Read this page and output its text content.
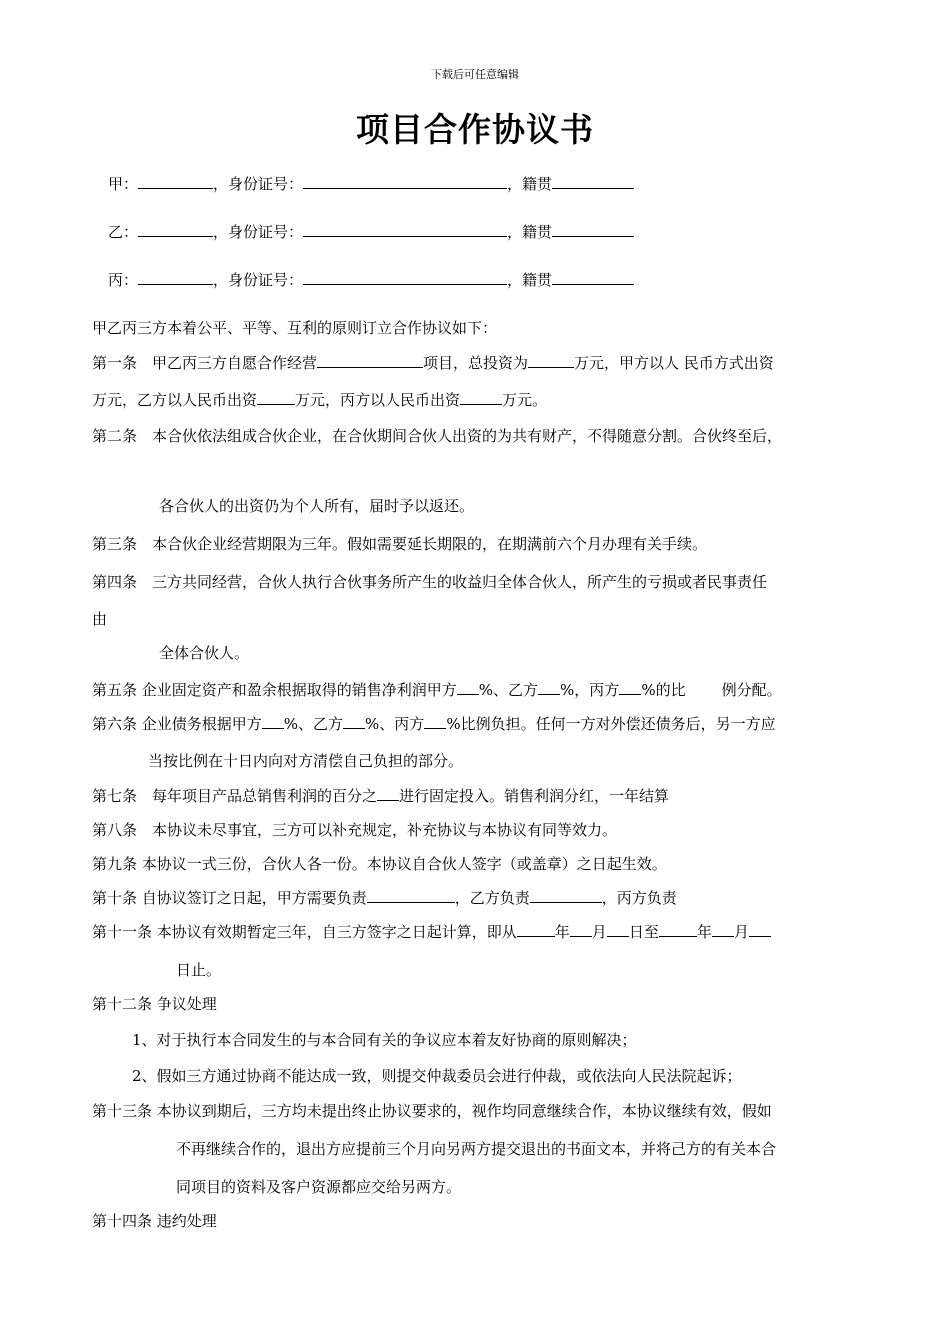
下载后可任意编辑
项目合作协议书
甲：	，身份证号：	，籍贯
乙：	，身份证号：	，籍贯
丙：	，身份证号：	，籍贯
甲乙丙三方本着公平、平等、互利的原则订立合作协议如下：
第一条　甲乙丙三方自愿合作经营	项目，总投资为	万元，甲方以人 民币方式出资
万元，乙方以人民币出资	万元，丙方以人民币出资	万元。
第二条　本合伙依法组成合伙企业，在合伙期间合伙人出资的为共有财产，不得随意分割。合伙终至后，
各合伙人的出资仍为个人所有，届时予以返还。
第三条　本合伙企业经营期限为三年。假如需要延长期限的，在期满前六个月办理有关手续。
第四条　三方共同经营，合伙人执行合伙事务所产生的收益归全体合伙人，所产生的亏损或者民事责任
由
全体合伙人。
第五条 企业固定资产和盈余根据取得的销售净利润甲方 %、乙方 %，丙方 %的比 例分配。
第六条 企业债务根据甲方 %、乙方 %、丙方 %比例负担。任何一方对外偿还债务后，另一方应
当按比例在十日内向对方清偿自己负担的部分。
第七条　每年项目产品总销售利润的百分之 进行固定投入。销售利润分红，一年结算
第八条　本协议未尽事宜，三方可以补充规定，补充协议与本协议有同等效力。
第九条 本协议一式三份，合伙人各一份。本协议自合伙人签字（或盖章）之日起生效。
第十条 自协议签订之日起，甲方需要负责	，乙方负责	，丙方负责
第十一条 本协议有效期暂定三年，自三方签字之日起计算，即从	年 月 日至	年 月
日止。
第十二条 争议处理
1、对于执行本合同发生的与本合同有关的争议应本着友好协商的原则解决；
2、假如三方通过协商不能达成一致，则提交仲裁委员会进行仲裁，或依法向人民法院起诉；
第十三条 本协议到期后，三方均未提出终止协议要求的，视作均同意继续合作，本协议继续有效，假如
不再继续合作的，退出方应提前三个月向另两方提交退出的书面文本，并将己方的有关本合
同项目的资料及客户资源都应交给另两方。
第十四条 违约处理
